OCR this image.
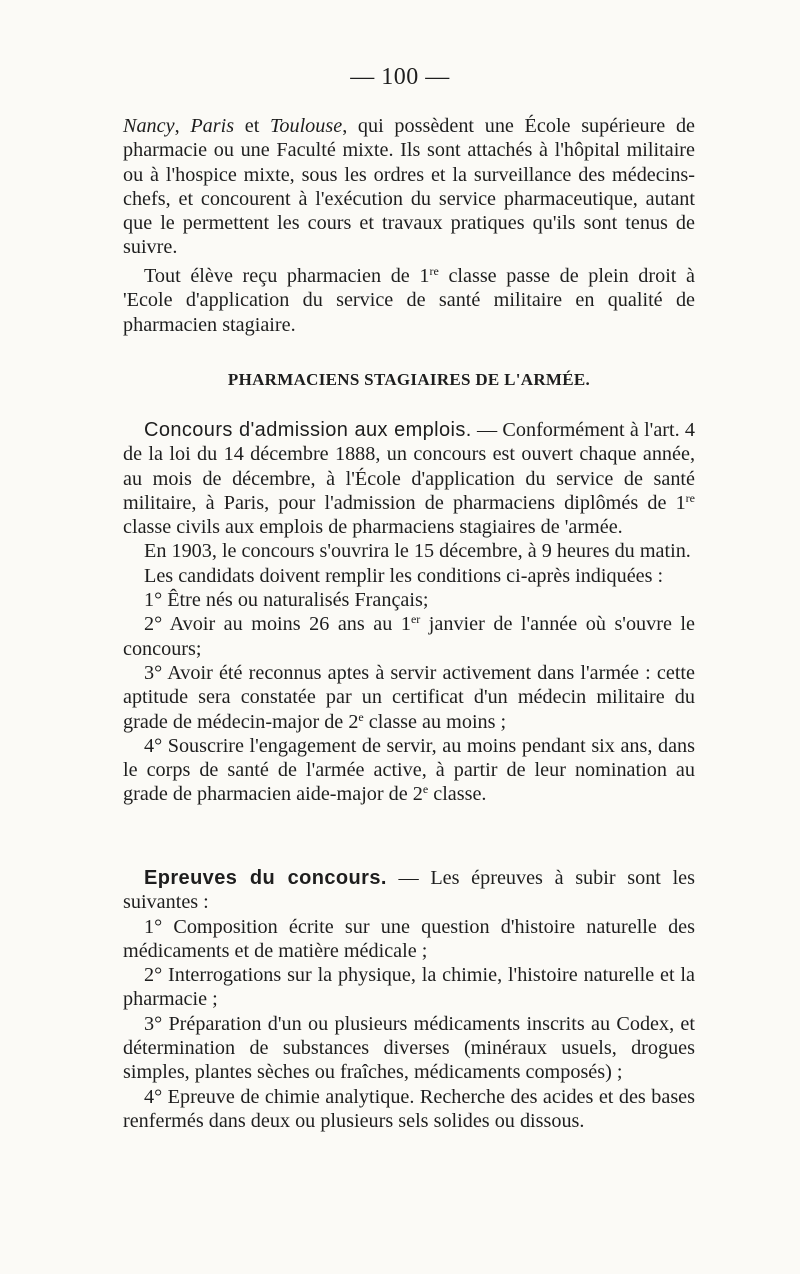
— 100 —

Nancy, Paris et Toulouse, qui possèdent une École supérieure de pharmacie ou une Faculté mixte. Ils sont attachés à l'hôpital militaire ou à l'hospice mixte, sous les ordres et la surveillance des médecins-chefs, et concourent à l'exécution du service pharmaceutique, autant que le permettent les cours et travaux pratiques qu'ils sont tenus de suivre.

Tout élève reçu pharmacien de 1re classe passe de plein droit à 'Ecole d'application du service de santé militaire en qualité de pharmacien stagiaire.

PHARMACIENS STAGIAIRES DE L'ARMÉE.

Concours d'admission aux emplois. — Conformément à l'art. 4 de la loi du 14 décembre 1888, un concours est ouvert chaque année, au mois de décembre, à l'École d'application du service de santé militaire, à Paris, pour l'admission de pharmaciens diplômés de 1re classe civils aux emplois de pharmaciens stagiaires de 'armée.

En 1903, le concours s'ouvrira le 15 décembre, à 9 heures du matin.

Les candidats doivent remplir les conditions ci-après indiquées :

1° Être nés ou naturalisés Français;

2° Avoir au moins 26 ans au 1er janvier de l'année où s'ouvre le concours;

3° Avoir été reconnus aptes à servir activement dans l'armée : cette aptitude sera constatée par un certificat d'un médecin militaire du grade de médecin-major de 2e classe au moins ;

4° Souscrire l'engagement de servir, au moins pendant six ans, dans le corps de santé de l'armée active, à partir de leur nomination au grade de pharmacien aide-major de 2e classe.

Epreuves du concours. — Les épreuves à subir sont les suivantes :

1° Composition écrite sur une question d'histoire naturelle des médicaments et de matière médicale ;

2° Interrogations sur la physique, la chimie, l'histoire naturelle et la pharmacie ;

3° Préparation d'un ou plusieurs médicaments inscrits au Codex, et détermination de substances diverses (minéraux usuels, drogues simples, plantes sèches ou fraîches, médicaments composés) ;

4° Epreuve de chimie analytique. Recherche des acides et des bases renfermés dans deux ou plusieurs sels solides ou dissous.
